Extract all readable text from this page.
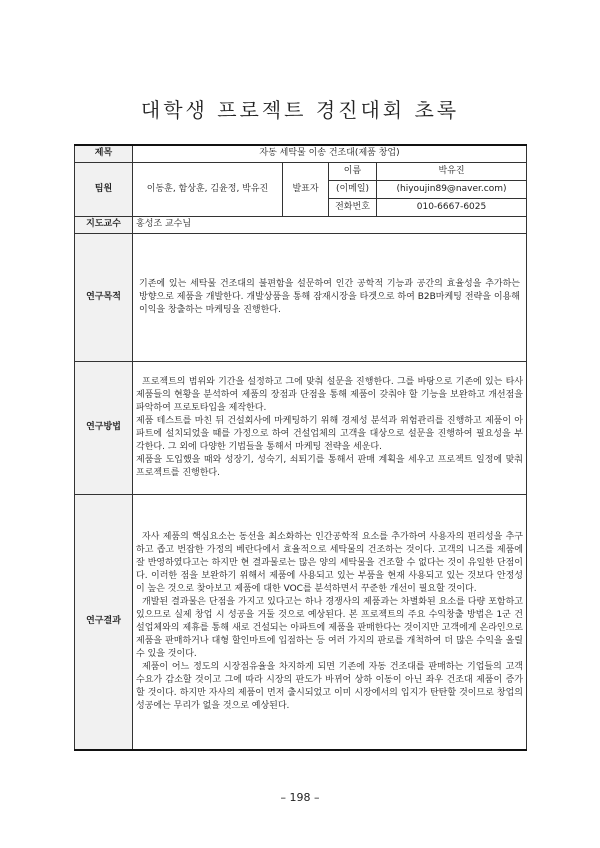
대학생 프로젝트 경진대회 초록
제목	자동 세탁물 이송 건조대(제품 창업)			
팀원	이동훈, 함상훈, 김윤정, 박유진	발표자	이름	박유진
			(이메일)	(hiyoujin89@naver.com)
			전화번호	010-6667-6025
지도교수	홍성조 교수님			
연구목적	기존에 있는 세탁물 건조대의 불편함을 설문하여 인간 공학적 기능과 공간의 효율성을 추가하는 방향으로 제품을 개발한다. 개발상품을 통해 잠재시장을 타겟으로 하여 B2B마케팅 전략을 이용해 이익을 창출하는 마케팅을 진행한다.			

연구방법	프로젝트의 범위와 기간을 설정하고 그에 맞춰 설문을 진행한다. 그를 바탕으로 기존에 있는 타사 제품들의 현황을 분석하여 제품의 장점과 단점을 통해 제품이 갖춰야 할 기능을 보완하고 개선점을 파악하여 프로토타입을 제작한다.

제품 테스트를 마친 뒤 건설회사에 마케팅하기 위해 경제성 분석과 위험관리를 진행하고 제품이 아파트에 설치되었을 때를 가정으로 하여 건설업체의 고객을 대상으로 설문을 진행하여 필요성을 부각한다. 그 외에 다양한 기법들을 통해서 마케팅 전략을 세운다.

제품을 도입했을 때와 성장기, 성숙기, 쇠퇴기를 통해서 판매 계획을 세우고 프로젝트 일정에 맞춰 프로젝트를 진행한다.			

연구결과	자사 제품의 핵심요소는 동선을 최소화하는 인간공학적 요소를 추가하여 사용자의 편리성을 추구하고 좁고 번잡한 가정의 베란다에서 효율적으로 세탁물의 건조하는 것이다. 고객의 니즈를 제품에 잘 반영하였다고는 하지만 현 결과물로는 많은 양의 세탁물을 건조할 수 없다는 것이 유일한 단점이다. 이러한 점을 보완하기 위해서 제품에 사용되고 있는 부품을 현재 사용되고 있는 것보다 안정성이 높은 것으로 찾아보고 제품에 대한 VOC를 분석하면서 꾸준한 개선이 필요할 것이다.

개발된 결과물은 단점을 가지고 있다고는 하나 경쟁사의 제품과는 차별화된 요소를 다량 포함하고 있으므로 실제 창업 시 성공을 거둘 것으로 예상된다. 본 프로젝트의 주요 수익창출 방법은 1군 건설업체와의 제휴를 통해 새로 건설되는 아파트에 제품을 판매한다는 것이지만 고객에게 온라인으로 제품을 판매하거나 대형 할인마트에 입점하는 등 여러 가지의 판로를 개척하여 더 많은 수익을 올릴 수 있을 것이다.

제품이 어느 정도의 시장점유율을 차지하게 되면 기존에 자동 건조대를 판매하는 기업들의 고객 수요가 감소할 것이고 그에 따라 시장의 판도가 바뀌어 상하 이동이 아닌 좌우 건조대 제품이 증가할 것이다. 하지만 자사의 제품이 먼저 출시되었고 이미 시장에서의 입지가 탄탄할 것이므로 창업의 성공에는 무리가 없을 것으로 예상된다.			

– 198 –
